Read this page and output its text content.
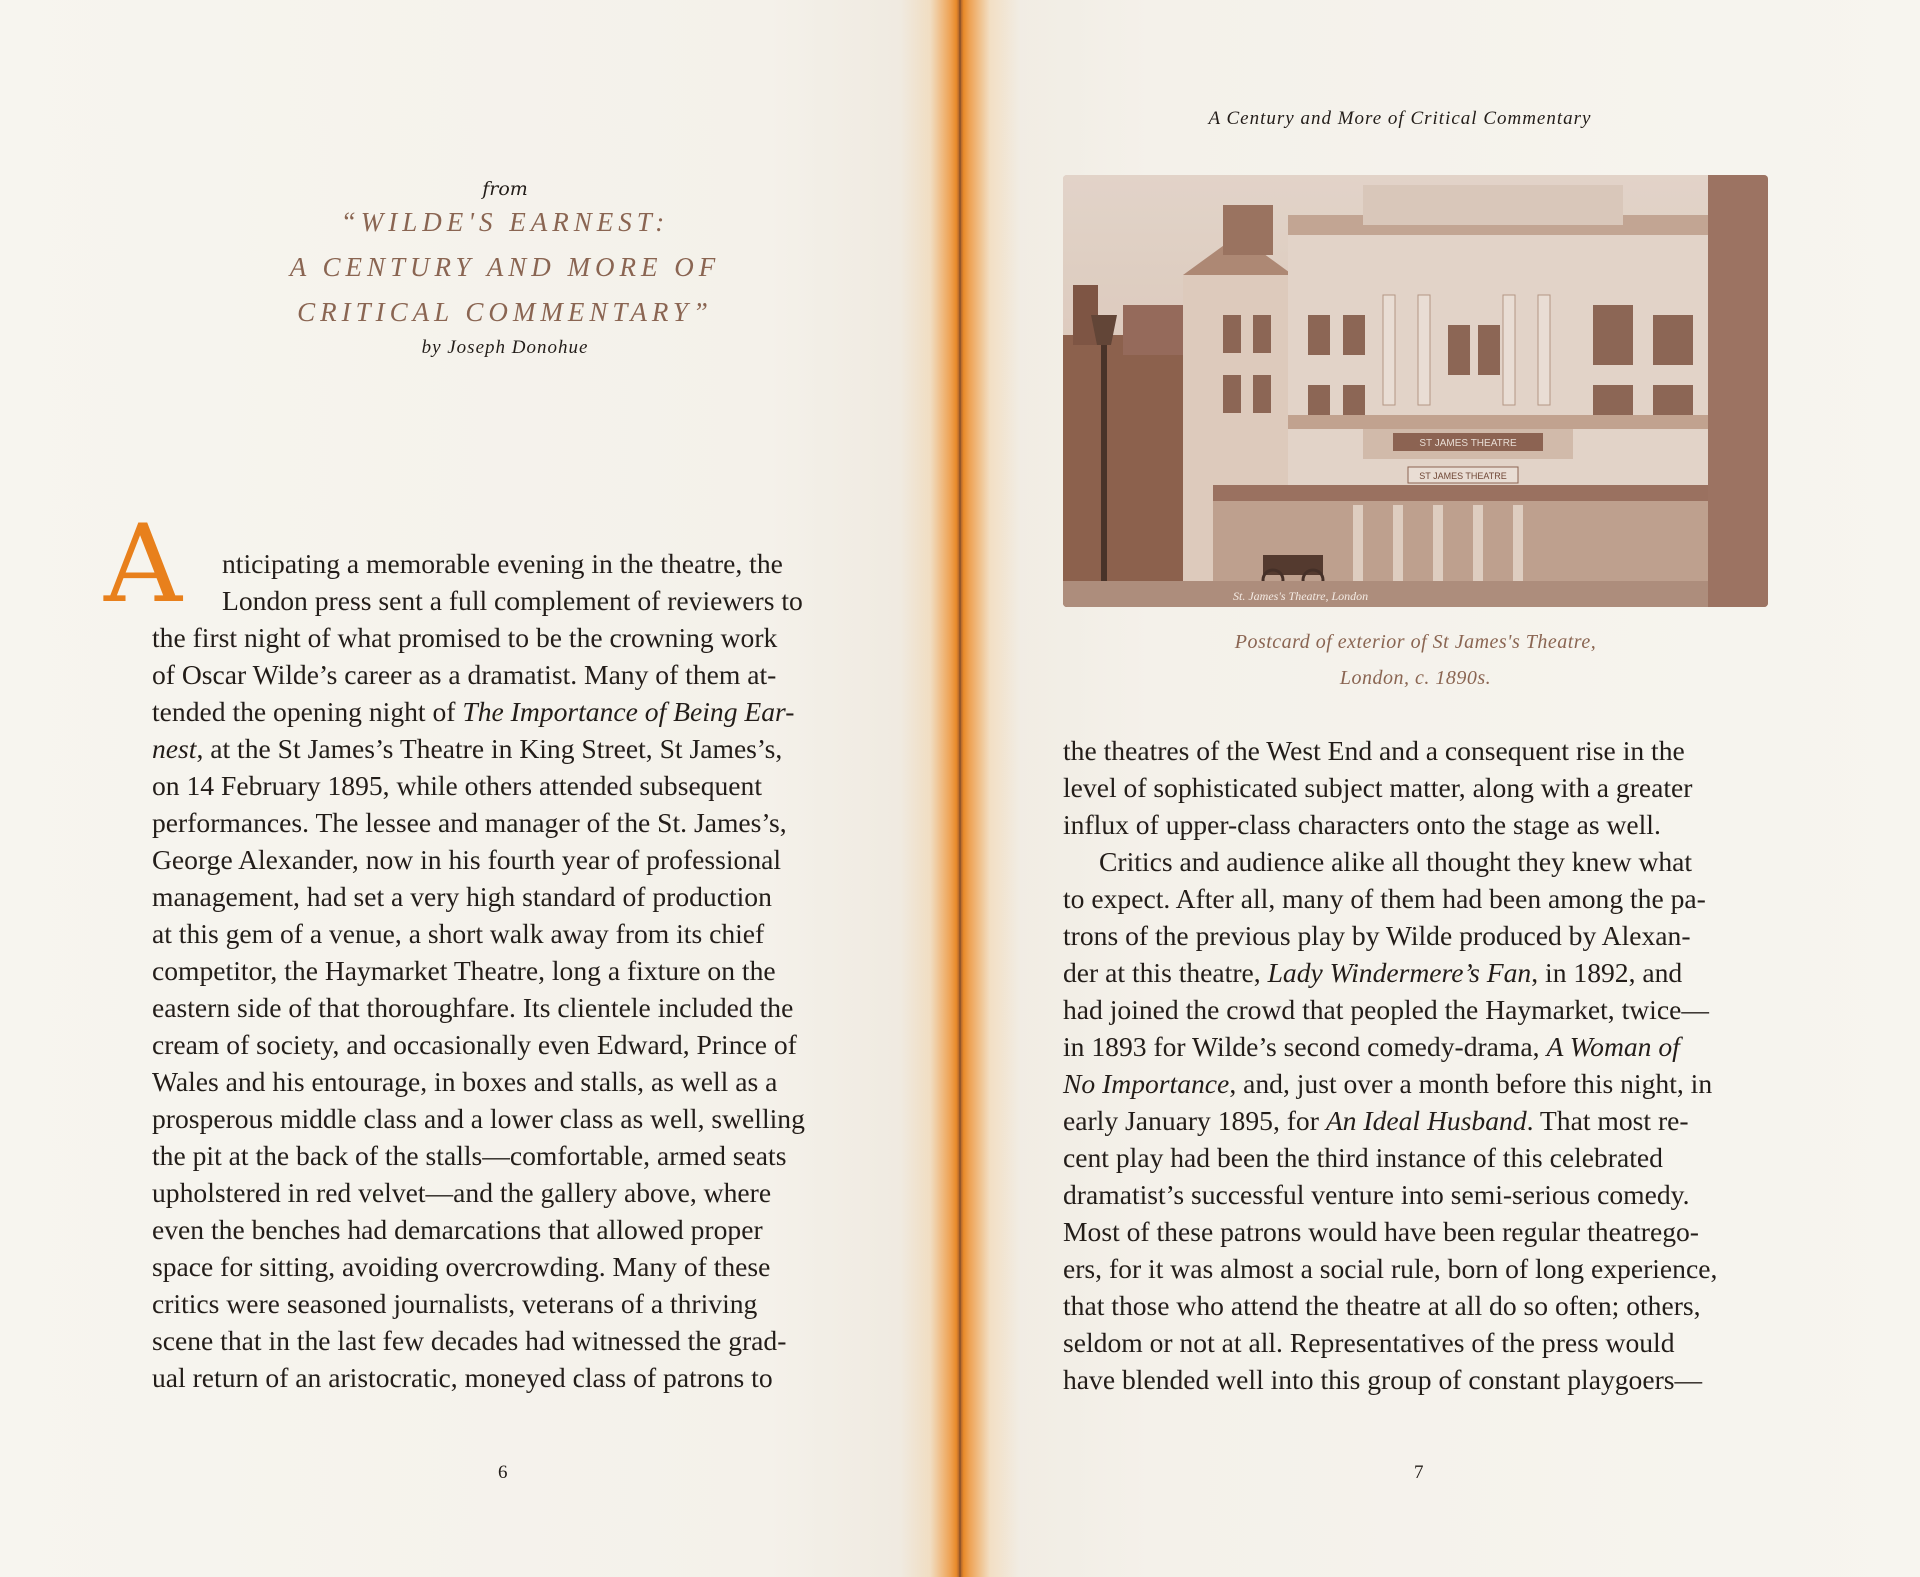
from
“WILDE'S EARNEST:
A CENTURY AND MORE OF
CRITICAL COMMENTARY”
by Joseph Donohue
A	nticipating a memorable evening in the theatre, the
London press sent a full complement of reviewers to
the first night of what promised to be the crowning work
of Oscar Wilde’s career as a dramatist. Many of them at-
tended the opening night of The Importance of Being Ear-
nest, at the St James’s Theatre in King Street, St James’s,
on 14 February 1895, while others attended subsequent
performances. The lessee and manager of the St. James’s,
George Alexander, now in his fourth year of professional
management, had set a very high standard of production
at this gem of a venue, a short walk away from its chief
competitor, the Haymarket Theatre, long a fixture on the
eastern side of that thoroughfare. Its clientele included the
cream of society, and occasionally even Edward, Prince of
Wales and his entourage, in boxes and stalls, as well as a
prosperous middle class and a lower class as well, swelling
the pit at the back of the stalls—comfortable, armed seats
upholstered in red velvet—and the gallery above, where
even the benches had demarcations that allowed proper
space for sitting, avoiding overcrowding. Many of these
critics were seasoned journalists, veterans of a thriving
scene that in the last few decades had witnessed the grad-
ual return of an aristocratic, moneyed class of patrons to
6
A Century and More of Critical Commentary
ST JAMES THEATRE
ST JAMES THEATRE
St. James's Theatre, London
Postcard of exterior of St James's Theatre,
London, c. 1890s.
the theatres of the West End and a consequent rise in the
level of sophisticated subject matter, along with a greater
influx of upper-class characters onto the stage as well.
Critics and audience alike all thought they knew what
to expect. After all, many of them had been among the pa-
trons of the previous play by Wilde produced by Alexan-
der at this theatre, Lady Windermere’s Fan, in 1892, and
had joined the crowd that peopled the Haymarket, twice—
in 1893 for Wilde’s second comedy-drama, A Woman of
No Importance, and, just over a month before this night, in
early January 1895, for An Ideal Husband. That most re-
cent play had been the third instance of this celebrated
dramatist’s successful venture into semi-serious comedy.
Most of these patrons would have been regular theatrego-
ers, for it was almost a social rule, born of long experience,
that those who attend the theatre at all do so often; others,
seldom or not at all. Representatives of the press would
have blended well into this group of constant playgoers—
7
